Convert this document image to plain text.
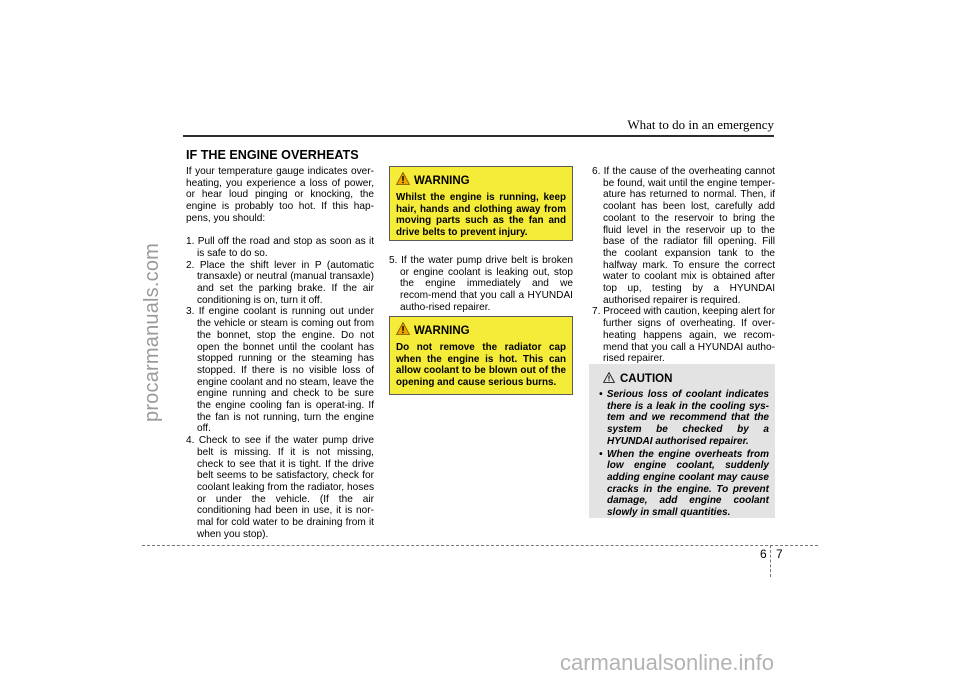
procarmanuals.com
What to do in an emergency
IF THE ENGINE OVERHEATS

If your temperature gauge indicates over-heating, you experience a loss of power, or hear loud pinging or knocking, the engine is probably too hot. If this hap-pens, you should:

1. Pull off the road and stop as soon as it is safe to do so.

2. Place the shift lever in P (automatic transaxle) or neutral (manual transaxle) and set the parking brake. If the air conditioning is on, turn it off.

3. If engine coolant is running out under the vehicle or steam is coming out from the bonnet, stop the engine. Do not open the bonnet until the coolant has stopped running or the steaming has stopped. If there is no visible loss of engine coolant and no steam, leave the engine running and check to be sure the engine cooling fan is operat-ing. If the fan is not running, turn the engine off.

4. Check to see if the water pump drive belt is missing. If it is not missing, check to see that it is tight. If the drive belt seems to be satisfactory, check for coolant leaking from the radiator, hoses or under the vehicle. (If the air conditioning had been in use, it is nor-mal for cold water to be draining from it when you stop).

WARNING

Whilst the engine is running, keep hair, hands and clothing away from moving parts such as the fan and drive belts to prevent injury.

5. If the water pump drive belt is broken or engine coolant is leaking out, stop the engine immediately and we recom-mend that you call a HYUNDAI autho-rised repairer.

WARNING

Do not remove the radiator cap when the engine is hot. This can allow coolant to be blown out of the opening and cause serious burns.

6. If the cause of the overheating cannot be found, wait until the engine temper-ature has returned to normal. Then, if coolant has been lost, carefully add coolant to the reservoir to bring the fluid level in the reservoir up to the base of the radiator fill opening. Fill the coolant expansion tank to the halfway mark. To ensure the correct water to coolant mix is obtained after top up, testing by a HYUNDAI authorised repairer is required.

7. Proceed with caution, keeping alert for further signs of overheating. If over-heating happens again, we recom-mend that you call a HYUNDAI autho-rised repairer.

CAUTION

• Serious loss of coolant indicates there is a leak in the cooling sys-tem and we recommend that the system be checked by a HYUNDAI authorised repairer.

• When the engine overheats from low engine coolant, suddenly adding engine coolant may cause cracks in the engine. To prevent damage, add engine coolant slowly in small quantities.

6 7
carmanualsonline.info
